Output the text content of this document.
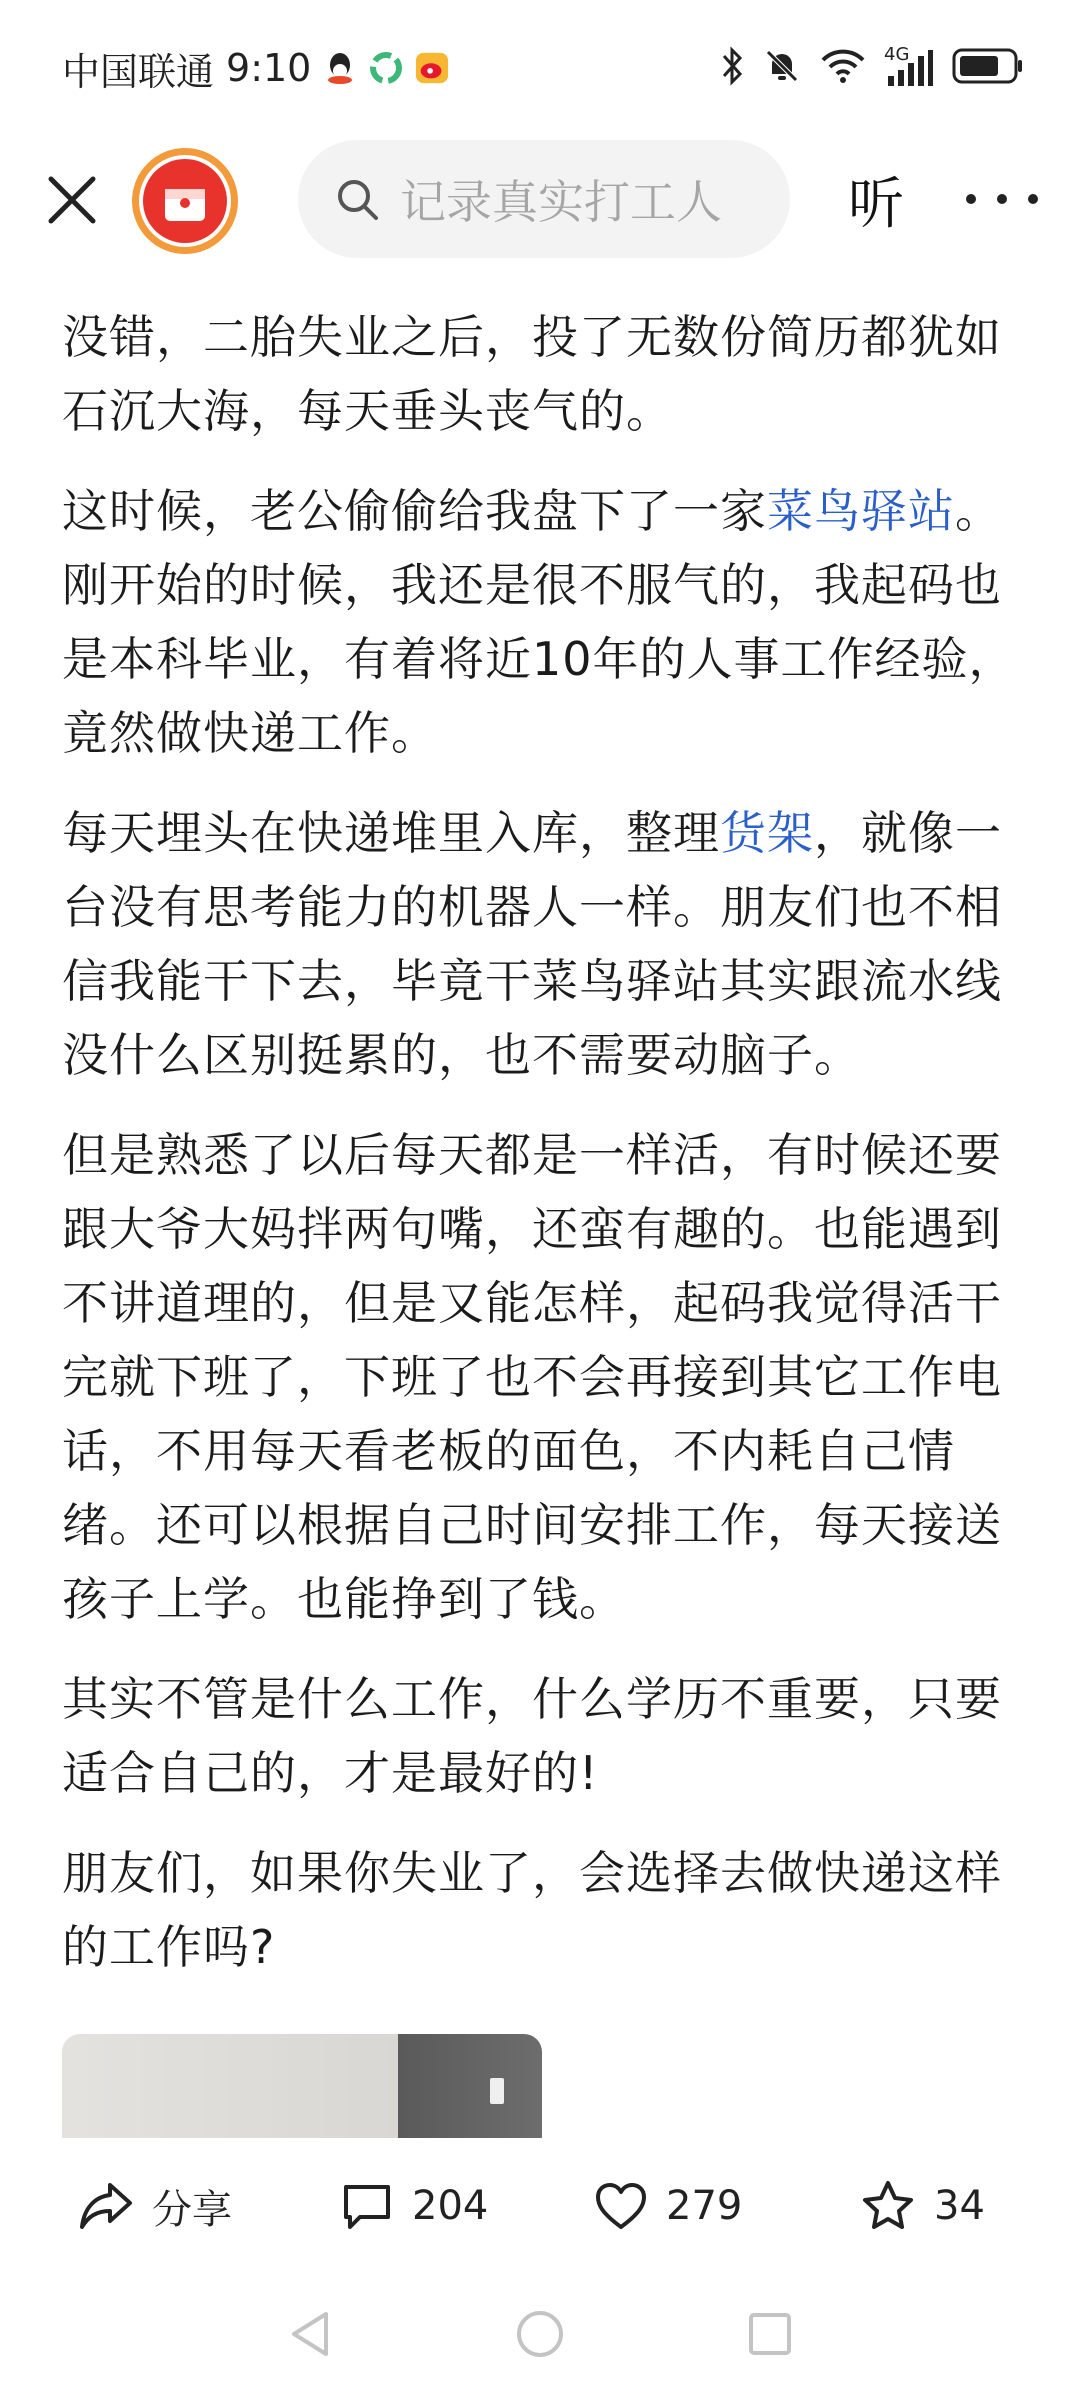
中国联通 9:10	4G
记录真实打工人 听

没错，二胎失业之后，投了无数份简历都犹如石沉大海，每天垂头丧气的。

这时候，老公偷偷给我盘下了一家菜鸟驿站。刚开始的时候，我还是很不服气的，我起码也是本科毕业，有着将近10年的人事工作经验，竟然做快递工作。

每天埋头在快递堆里入库，整理货架，就像一台没有思考能力的机器人一样。朋友们也不相信我能干下去，毕竟干菜鸟驿站其实跟流水线没什么区别挺累的，也不需要动脑子。

但是熟悉了以后每天都是一样活，有时候还要跟大爷大妈拌两句嘴，还蛮有趣的。也能遇到不讲道理的，但是又能怎样，起码我觉得活干完就下班了，下班了也不会再接到其它工作电话，不用每天看老板的面色，不内耗自己情绪。还可以根据自己时间安排工作，每天接送孩子上学。也能挣到了钱。

其实不管是什么工作，什么学历不重要，只要适合自己的，才是最好的!

朋友们，如果你失业了，会选择去做快递这样的工作吗?

分享	204	279	34
